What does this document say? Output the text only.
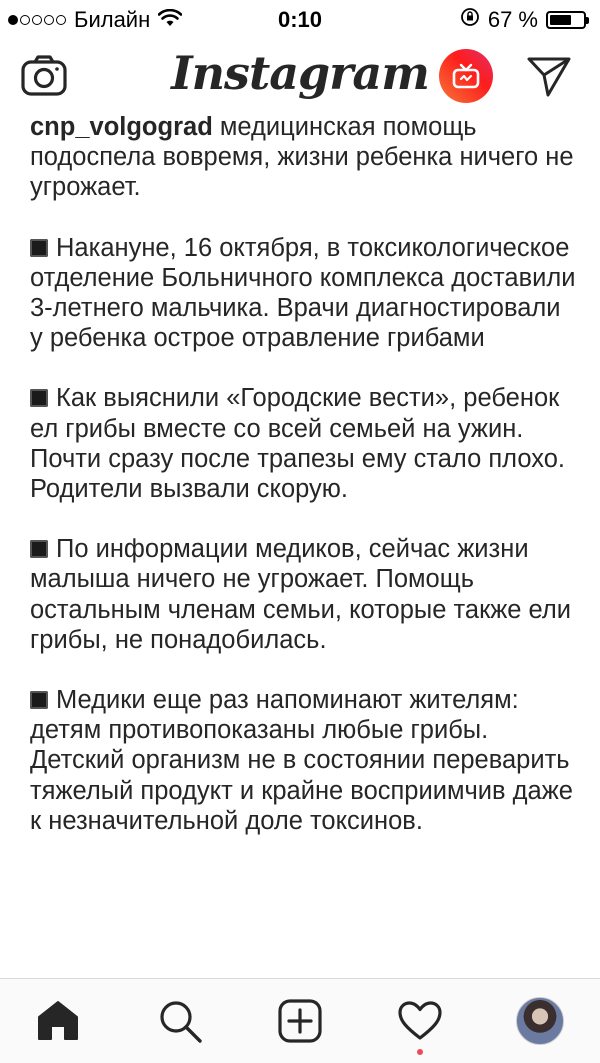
Билайн	0:10	67 %
Instagram

cnp_volgograd медицинская помощь подоспела вовремя, жизни ребенка ничего не угрожает.

Накануне, 16 октября, в токсикологическое отделение Больничного комплекса доставили 3-летнего мальчика. Врачи диагностировали у ребенка острое отравление грибами

Как выяснили «Городские вести», ребенок ел грибы вместе со всей семьей на ужин. Почти сразу после трапезы ему стало плохо. Родители вызвали скорую.

По информации медиков, сейчас жизни малыша ничего не угрожает. Помощь остальным членам семьи, которые также ели грибы, не понадобилась.

Медики еще раз напоминают жителям: детям противопоказаны любые грибы. Детский организм не в состоянии переварить тяжелый продукт и крайне восприимчив даже к незначительной доле токсинов.
